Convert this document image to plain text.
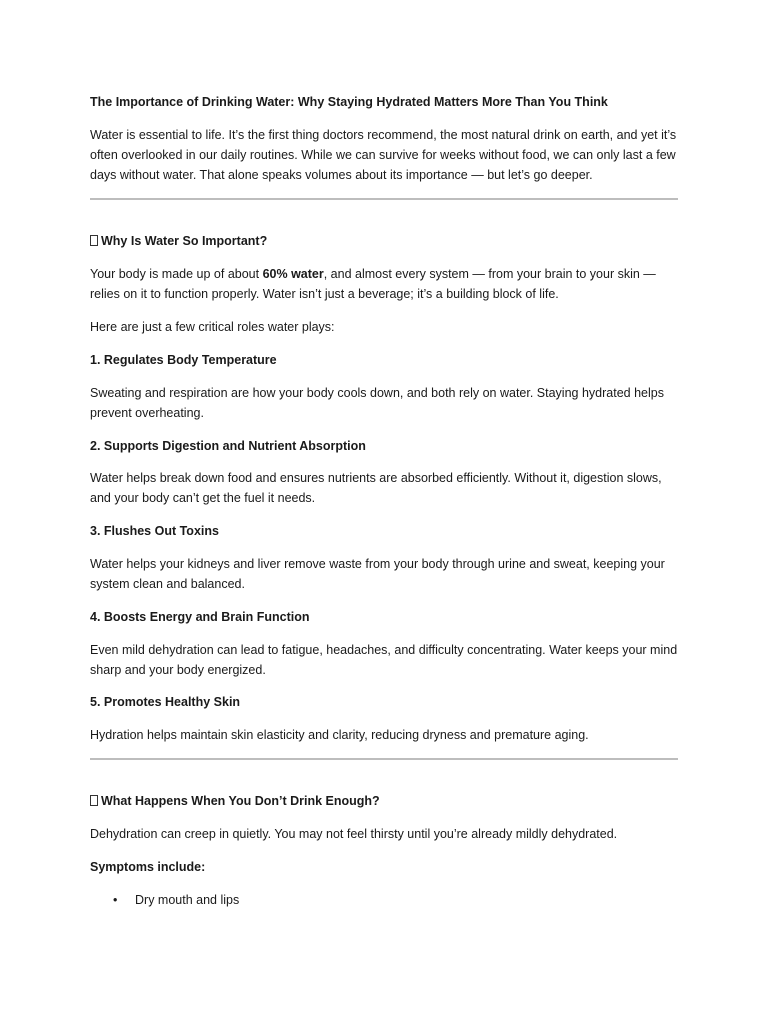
The Importance of Drinking Water: Why Staying Hydrated Matters More Than You Think

Water is essential to life. It’s the first thing doctors recommend, the most natural drink on earth, and yet it’s often overlooked in our daily routines. While we can survive for weeks without food, we can only last a few days without water. That alone speaks volumes about its importance — but let’s go deeper.

Why Is Water So Important?

Your body is made up of about 60% water, and almost every system — from your brain to your skin — relies on it to function properly. Water isn’t just a beverage; it’s a building block of life.

Here are just a few critical roles water plays:

1. Regulates Body Temperature

Sweating and respiration are how your body cools down, and both rely on water. Staying hydrated helps prevent overheating.

2. Supports Digestion and Nutrient Absorption

Water helps break down food and ensures nutrients are absorbed efficiently. Without it, digestion slows, and your body can’t get the fuel it needs.

3. Flushes Out Toxins

Water helps your kidneys and liver remove waste from your body through urine and sweat, keeping your system clean and balanced.

4. Boosts Energy and Brain Function

Even mild dehydration can lead to fatigue, headaches, and difficulty concentrating. Water keeps your mind sharp and your body energized.

5. Promotes Healthy Skin

Hydration helps maintain skin elasticity and clarity, reducing dryness and premature aging.

What Happens When You Don’t Drink Enough?

Dehydration can creep in quietly. You may not feel thirsty until you’re already mildly dehydrated.

Symptoms include:

• Dry mouth and lips
